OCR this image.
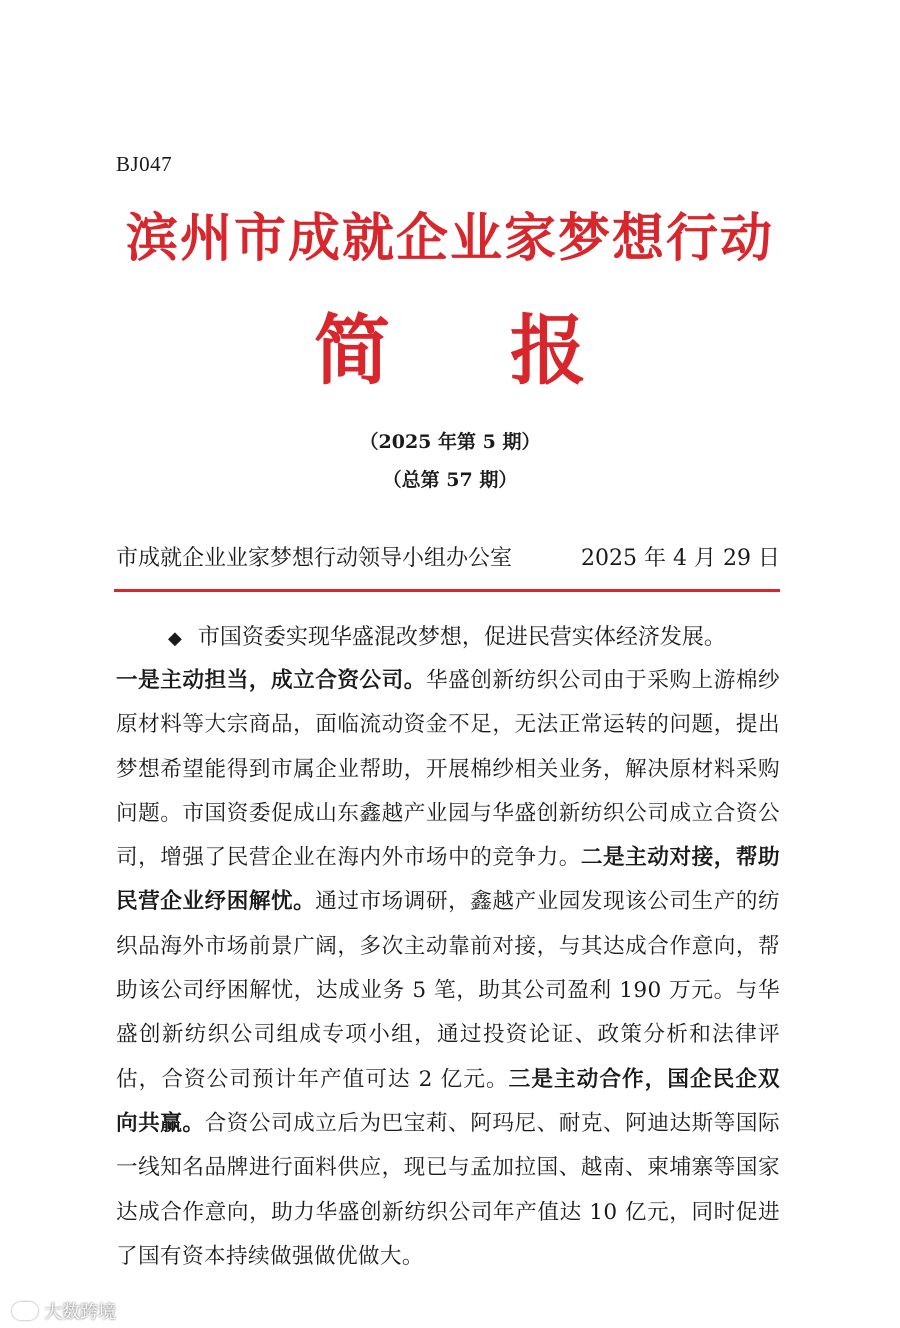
BJ047
滨州市成就企业家梦想行动
简报
（2025 年第 5 期）
（总第 57 期）
市成就企业业家梦想行动领导小组办公室	2025 年 4 月 29 日
◆ 市国资委实现华盛混改梦想，促进民营实体经济发展。
一是主动担当，成立合资公司。华盛创新纺织公司由于采购上游棉纱原材料等大宗商品，面临流动资金不足，无法正常运转的问题，提出梦想希望能得到市属企业帮助，开展棉纱相关业务，解决原材料采购问题。市国资委促成山东鑫越产业园与华盛创新纺织公司成立合资公司，增强了民营企业在海内外市场中的竞争力。二是主动对接，帮助民营企业纾困解忧。通过市场调研，鑫越产业园发现该公司生产的纺织品海外市场前景广阔，多次主动靠前对接，与其达成合作意向，帮助该公司纾困解忧，达成业务 5 笔，助其公司盈利 190 万元。与华盛创新纺织公司组成专项小组，通过投资论证、政策分析和法律评估，合资公司预计年产值可达 2 亿元。三是主动合作，国企民企双向共赢。合资公司成立后为巴宝莉、阿玛尼、耐克、阿迪达斯等国际一线知名品牌进行面料供应，现已与孟加拉国、越南、柬埔寨等国家达成合作意向，助力华盛创新纺织公司年产值达 10 亿元，同时促进了国有资本持续做强做优做大。
大数跨境
